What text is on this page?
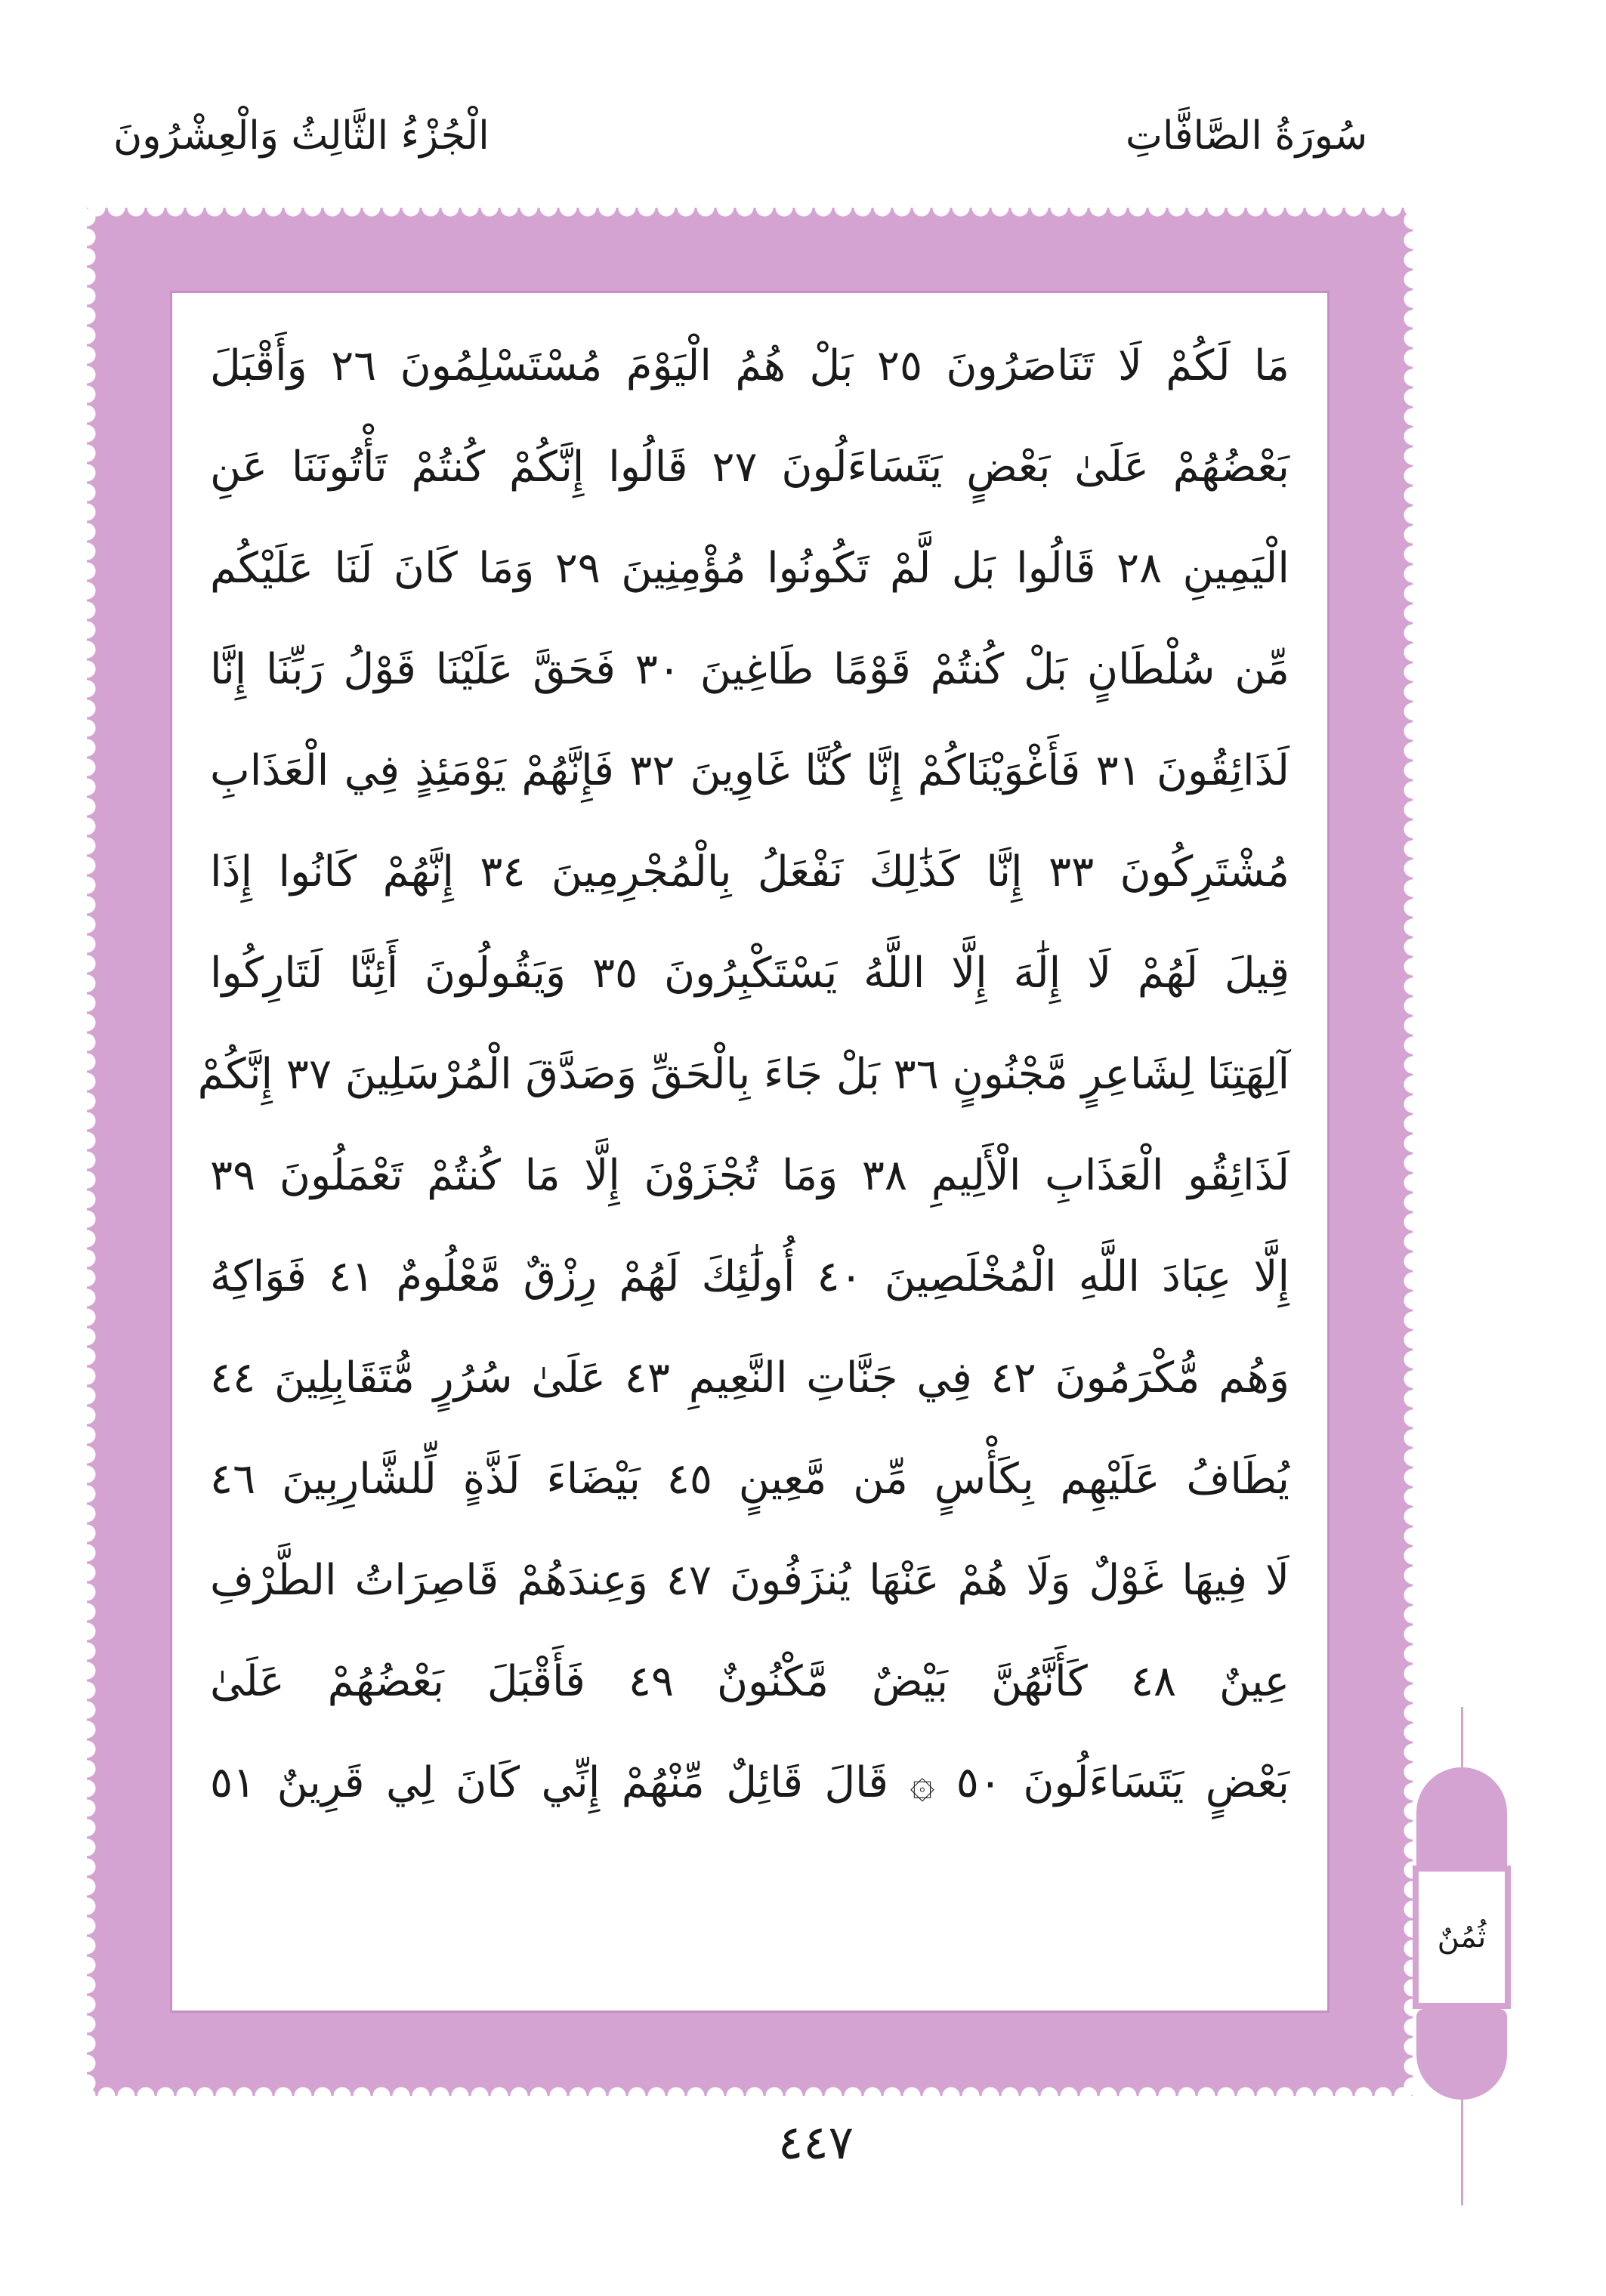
الْجُزْءُ الثَّالِثُ وَالْعِشْرُونَ	سُورَةُ الصَّافَّاتِ
مَا لَكُمْ لَا تَنَاصَرُونَ ٢٥ بَلْ هُمُ الْيَوْمَ مُسْتَسْلِمُونَ ٢٦ وَأَقْبَلَ
بَعْضُهُمْ عَلَىٰ بَعْضٍ يَتَسَاءَلُونَ ٢٧ قَالُوا إِنَّكُمْ كُنتُمْ تَأْتُونَنَا عَنِ
الْيَمِينِ ٢٨ قَالُوا بَل لَّمْ تَكُونُوا مُؤْمِنِينَ ٢٩ وَمَا كَانَ لَنَا عَلَيْكُم
مِّن سُلْطَانٍ بَلْ كُنتُمْ قَوْمًا طَاغِينَ ٣٠ فَحَقَّ عَلَيْنَا قَوْلُ رَبِّنَا إِنَّا
لَذَائِقُونَ ٣١ فَأَغْوَيْنَاكُمْ إِنَّا كُنَّا غَاوِينَ ٣٢ فَإِنَّهُمْ يَوْمَئِذٍ فِي الْعَذَابِ
مُشْتَرِكُونَ ٣٣ إِنَّا كَذَٰلِكَ نَفْعَلُ بِالْمُجْرِمِينَ ٣٤ إِنَّهُمْ كَانُوا إِذَا
قِيلَ لَهُمْ لَا إِلَٰهَ إِلَّا اللَّهُ يَسْتَكْبِرُونَ ٣٥ وَيَقُولُونَ أَئِنَّا لَتَارِكُوا
آلِهَتِنَا لِشَاعِرٍ مَّجْنُونٍ ٣٦ بَلْ جَاءَ بِالْحَقِّ وَصَدَّقَ الْمُرْسَلِينَ ٣٧ إِنَّكُمْ
لَذَائِقُو الْعَذَابِ الْأَلِيمِ ٣٨ وَمَا تُجْزَوْنَ إِلَّا مَا كُنتُمْ تَعْمَلُونَ ٣٩
إِلَّا عِبَادَ اللَّهِ الْمُخْلَصِينَ ٤٠ أُولَٰئِكَ لَهُمْ رِزْقٌ مَّعْلُومٌ ٤١ فَوَاكِهُ
وَهُم مُّكْرَمُونَ ٤٢ فِي جَنَّاتِ النَّعِيمِ ٤٣ عَلَىٰ سُرُرٍ مُّتَقَابِلِينَ ٤٤
يُطَافُ عَلَيْهِم بِكَأْسٍ مِّن مَّعِينٍ ٤٥ بَيْضَاءَ لَذَّةٍ لِّلشَّارِبِينَ ٤٦
لَا فِيهَا غَوْلٌ وَلَا هُمْ عَنْهَا يُنزَفُونَ ٤٧ وَعِندَهُمْ قَاصِرَاتُ الطَّرْفِ
عِينٌ ٤٨ كَأَنَّهُنَّ بَيْضٌ مَّكْنُونٌ ٤٩ فَأَقْبَلَ بَعْضُهُمْ عَلَىٰ
بَعْضٍ يَتَسَاءَلُونَ ٥٠ ۞ قَالَ قَائِلٌ مِّنْهُمْ إِنِّي كَانَ لِي قَرِينٌ ٥١
ثُمُنٌ
٤٤٧
